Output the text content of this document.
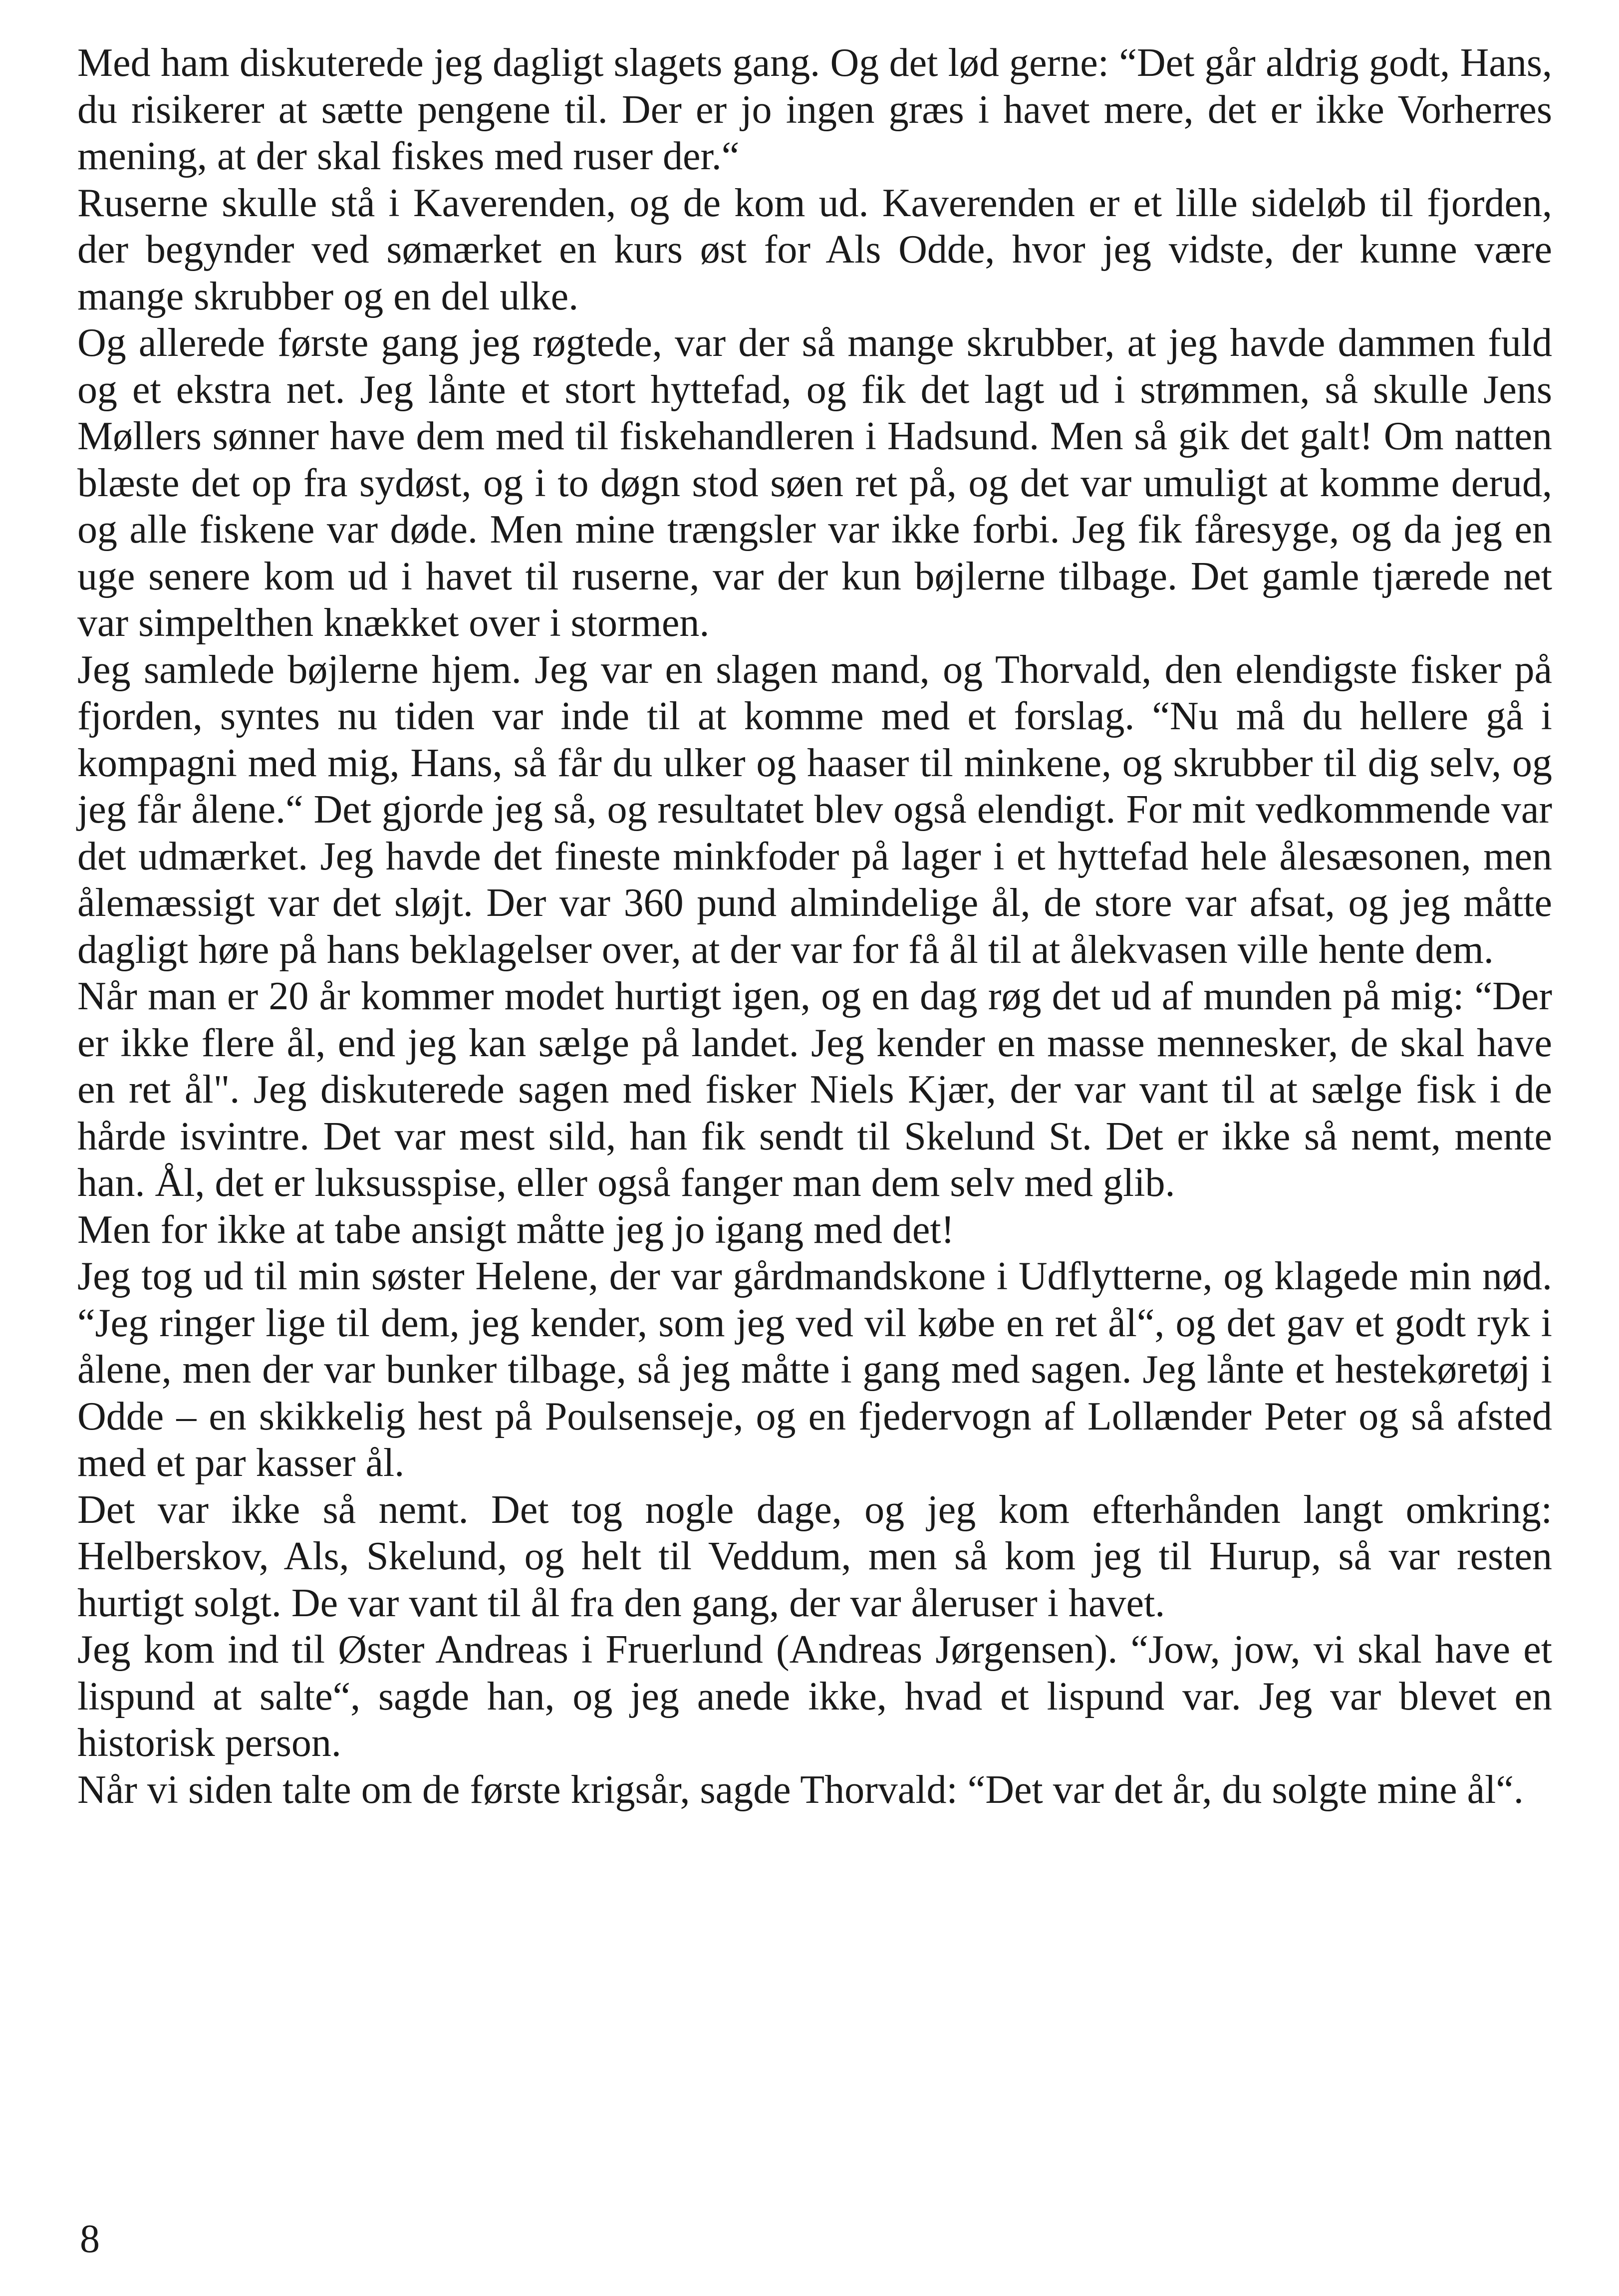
Med ham diskuterede jeg dagligt slagets gang. Og det lød gerne: “Det går aldrig godt, Hans, du risikerer at sætte pengene til. Der er jo ingen græs i havet mere, det er ikke Vorherres mening, at der skal fiskes med ruser der.“

Ruserne skulle stå i Kaverenden, og de kom ud. Kaverenden er et lille sideløb til fjorden, der begynder ved sømærket en kurs øst for Als Odde, hvor jeg vidste, der kunne være mange skrubber og en del ulke.

Og allerede første gang jeg røgtede, var der så mange skrubber, at jeg havde dammen fuld og et ekstra net. Jeg lånte et stort hyttefad, og fik det lagt ud i strømmen, så skulle Jens Møllers sønner have dem med til fiskehandleren i Hadsund. Men så gik det galt! Om natten blæste det op fra sydøst, og i to døgn stod søen ret på, og det var umuligt at komme derud, og alle fiskene var døde. Men mine trængsler var ikke forbi. Jeg fik fåresyge, og da jeg en uge senere kom ud i havet til ruserne, var der kun bøjlerne tilbage. Det gamle tjærede net var simpelthen knækket over i stormen.

Jeg samlede bøjlerne hjem. Jeg var en slagen mand, og Thorvald, den elendigste fisker på fjorden, syntes nu tiden var inde til at komme med et forslag. “Nu må du hellere gå i kompagni med mig, Hans, så får du ulker og haaser til minkene, og skrubber til dig selv, og jeg får ålene.“ Det gjorde jeg så, og resultatet blev også elendigt. For mit vedkommende var det udmærket. Jeg havde det fineste minkfoder på lager i et hyttefad hele ålesæsonen, men ålemæssigt var det sløjt. Der var 360 pund almindelige ål, de store var afsat, og jeg måtte dagligt høre på hans beklagelser over, at der var for få ål til at ålekvasen ville hente dem.

Når man er 20 år kommer modet hurtigt igen, og en dag røg det ud af munden på mig: “Der er ikke flere ål, end jeg kan sælge på landet. Jeg kender en masse mennesker, de skal have en ret ål". Jeg diskuterede sagen med fisker Niels Kjær, der var vant til at sælge fisk i de hårde isvintre. Det var mest sild, han fik sendt til Skelund St. Det er ikke så nemt, mente han. Ål, det er luksusspise, eller også fanger man dem selv med glib.

Men for ikke at tabe ansigt måtte jeg jo igang med det!

Jeg tog ud til min søster Helene, der var gårdmandskone i Udflytterne, og klagede min nød. “Jeg ringer lige til dem, jeg kender, som jeg ved vil købe en ret ål“, og det gav et godt ryk i ålene, men der var bunker tilbage, så jeg måtte i gang med sagen. Jeg lånte et hestekøretøj i Odde – en skikkelig hest på Poulsenseje, og en fjedervogn af Lollænder Peter og så afsted med et par kasser ål.

Det var ikke så nemt. Det tog nogle dage, og jeg kom efterhånden langt omkring: Helberskov, Als, Skelund, og helt til Veddum, men så kom jeg til Hurup, så var resten hurtigt solgt. De var vant til ål fra den gang, der var åleruser i havet.

Jeg kom ind til Øster Andreas i Fruerlund (Andreas Jørgensen). “Jow, jow, vi skal have et lispund at salte“, sagde han, og jeg anede ikke, hvad et lispund var. Jeg var blevet en historisk person.

Når vi siden talte om de første krigsår, sagde Thorvald: “Det var det år, du solgte mine ål“.

8
